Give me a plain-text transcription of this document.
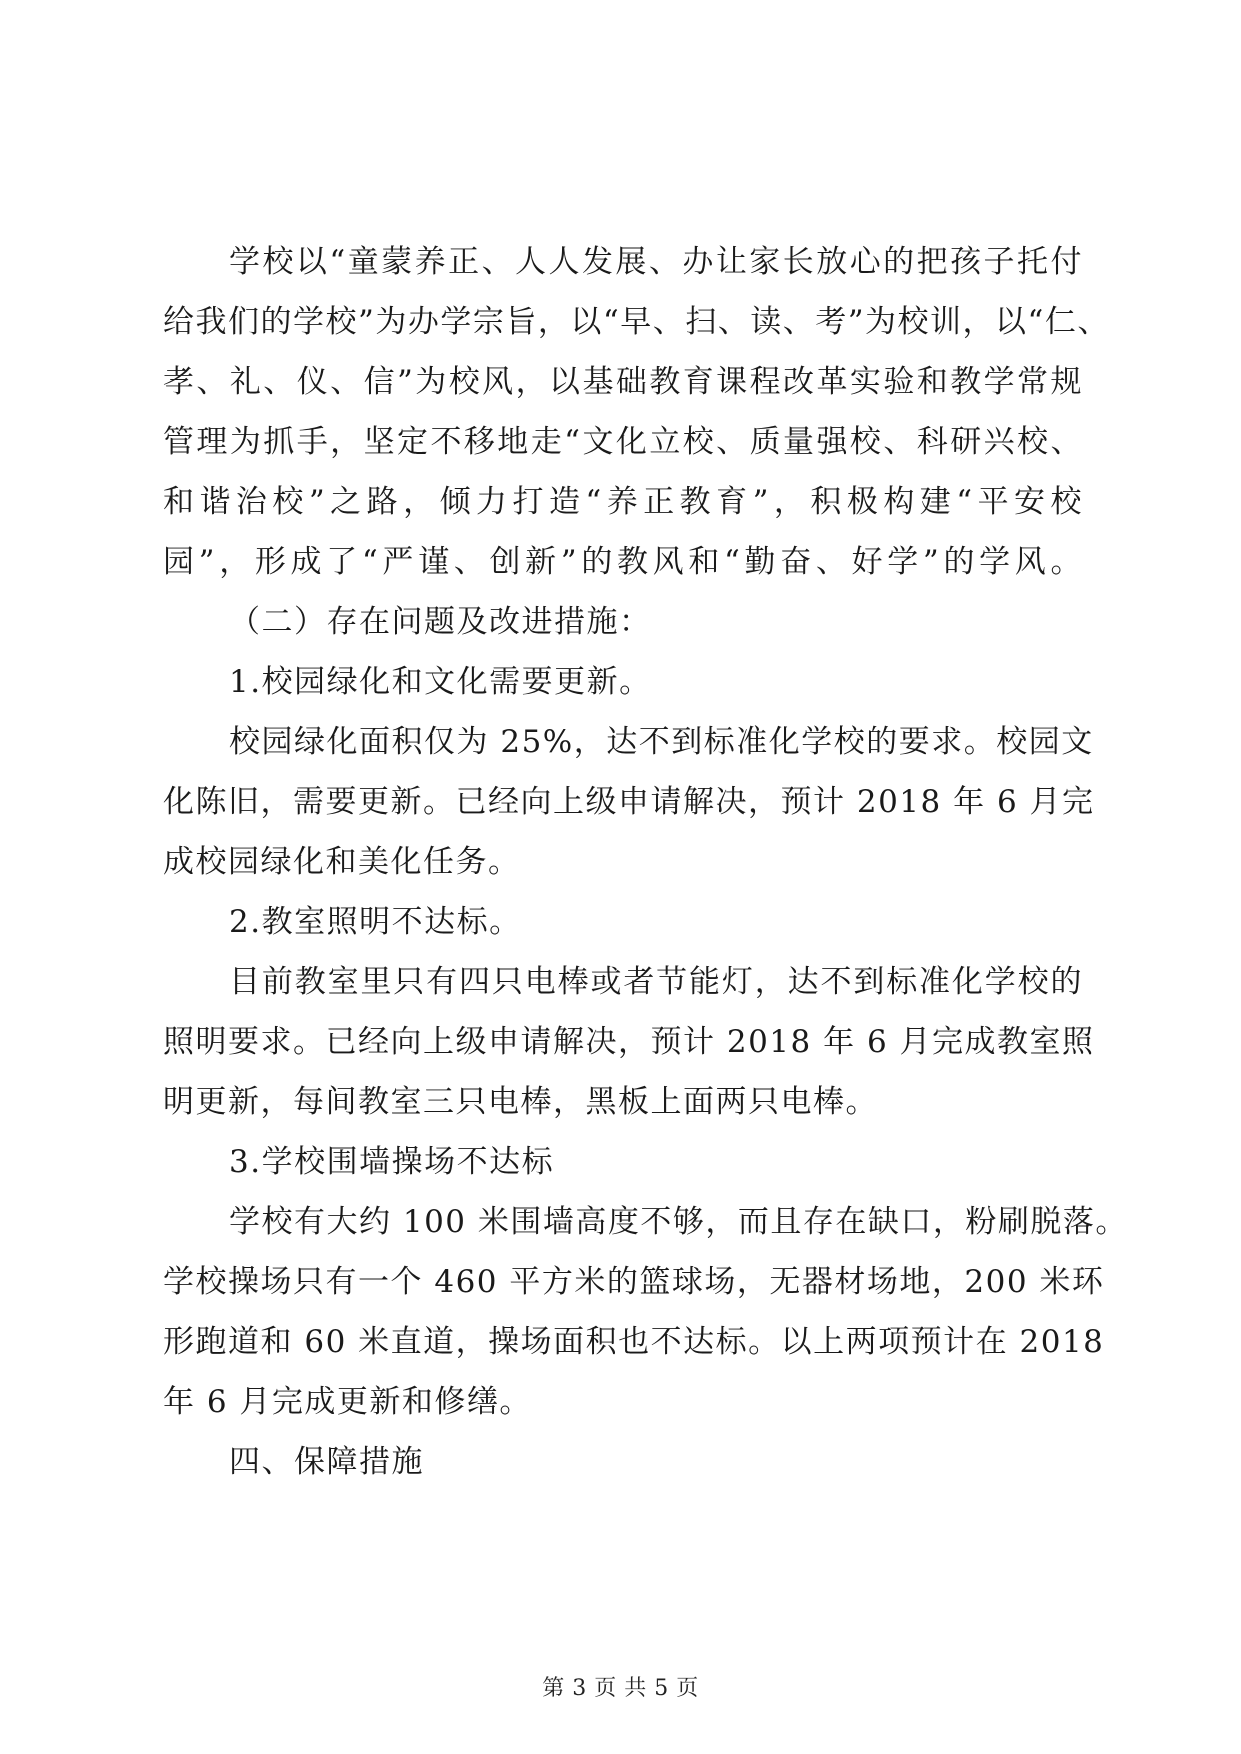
学校以“童蒙养正、人人发展、办让家长放心的把孩子托付
给我们的学校”为办学宗旨，以“早、扫、读、考”为校训，以“仁、
孝、礼、仪、信”为校风，以基础教育课程改革实验和教学常规
管理为抓手，坚定不移地走“文化立校、质量强校、科研兴校、
和谐治校”之路，倾力打造“养正教育”，积极构建“平安校
园”，形成了“严谨、创新”的教风和“勤奋、好学”的学风。
（二）存在问题及改进措施：
1.校园绿化和文化需要更新。
校园绿化面积仅为 25%，达不到标准化学校的要求。校园文
化陈旧，需要更新。已经向上级申请解决，预计 2018 年 6 月完
成校园绿化和美化任务。
2.教室照明不达标。
目前教室里只有四只电棒或者节能灯，达不到标准化学校的
照明要求。已经向上级申请解决，预计 2018 年 6 月完成教室照
明更新，每间教室三只电棒，黑板上面两只电棒。
3.学校围墙操场不达标
学校有大约 100 米围墙高度不够，而且存在缺口，粉刷脱落。
学校操场只有一个 460 平方米的篮球场，无器材场地，200 米环
形跑道和 60 米直道，操场面积也不达标。以上两项预计在 2018
年 6 月完成更新和修缮。
四、保障措施
第 3 页 共 5 页
